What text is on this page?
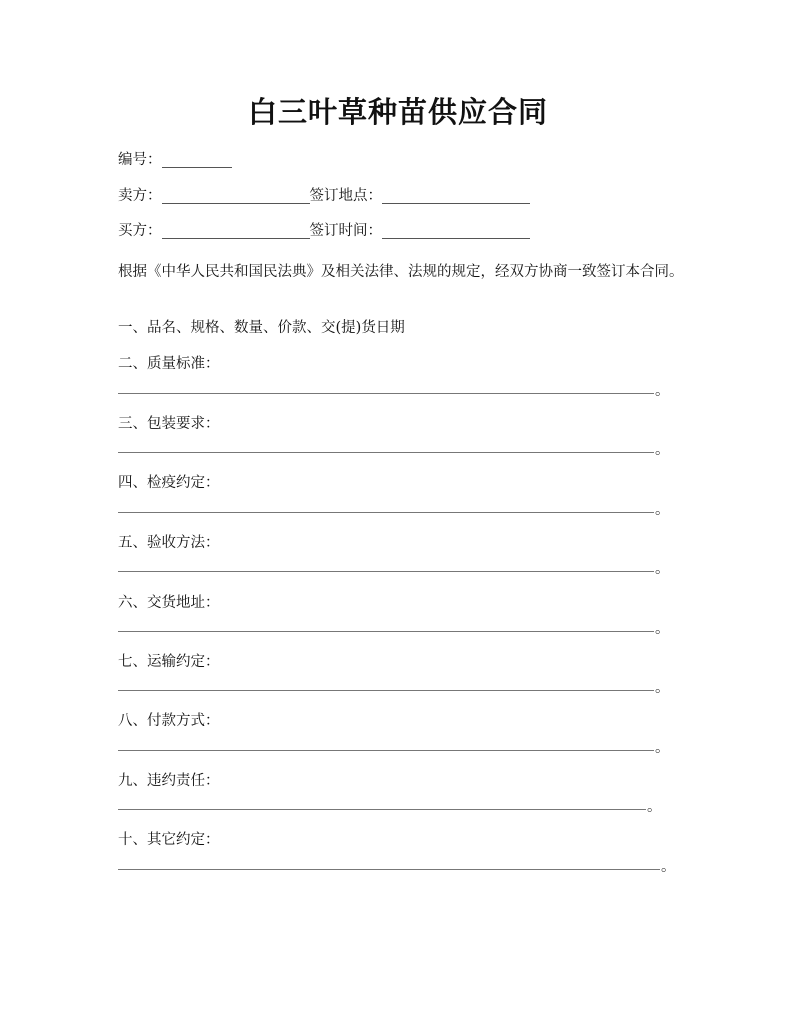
白三叶草种苗供应合同
编号：
卖方：	签订地点：
买方：	签订时间：
根据《中华人民共和国民法典》及相关法律、法规的规定，经双方协商一致签订本合同。
一、品名、规格、数量、价款、交(提)货日期
二、质量标准：
。
三、包装要求：
。
四、检疫约定：
。
五、验收方法：
。
六、交货地址：
。
七、运输约定：
。
八、付款方式：
。
九、违约责任：
。
十、其它约定：
。
